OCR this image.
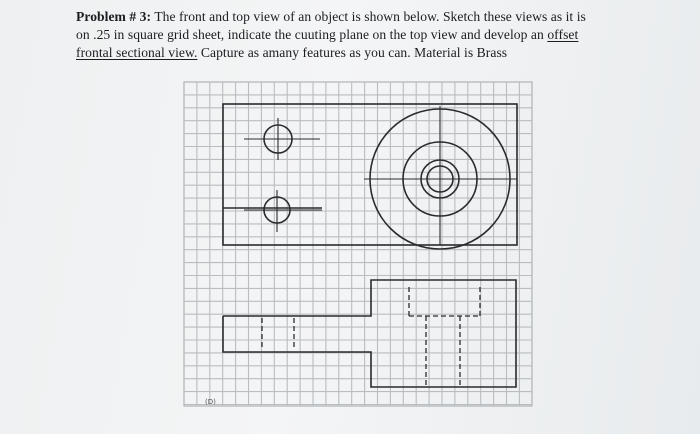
Problem # 3: The front and top view of an object is shown below. Sketch these views as it is
on .25 in square grid sheet, indicate the cuuting plane on the top view and develop an offset
frontal sectional view. Capture as amany features as you can. Material is Brass
(D)
